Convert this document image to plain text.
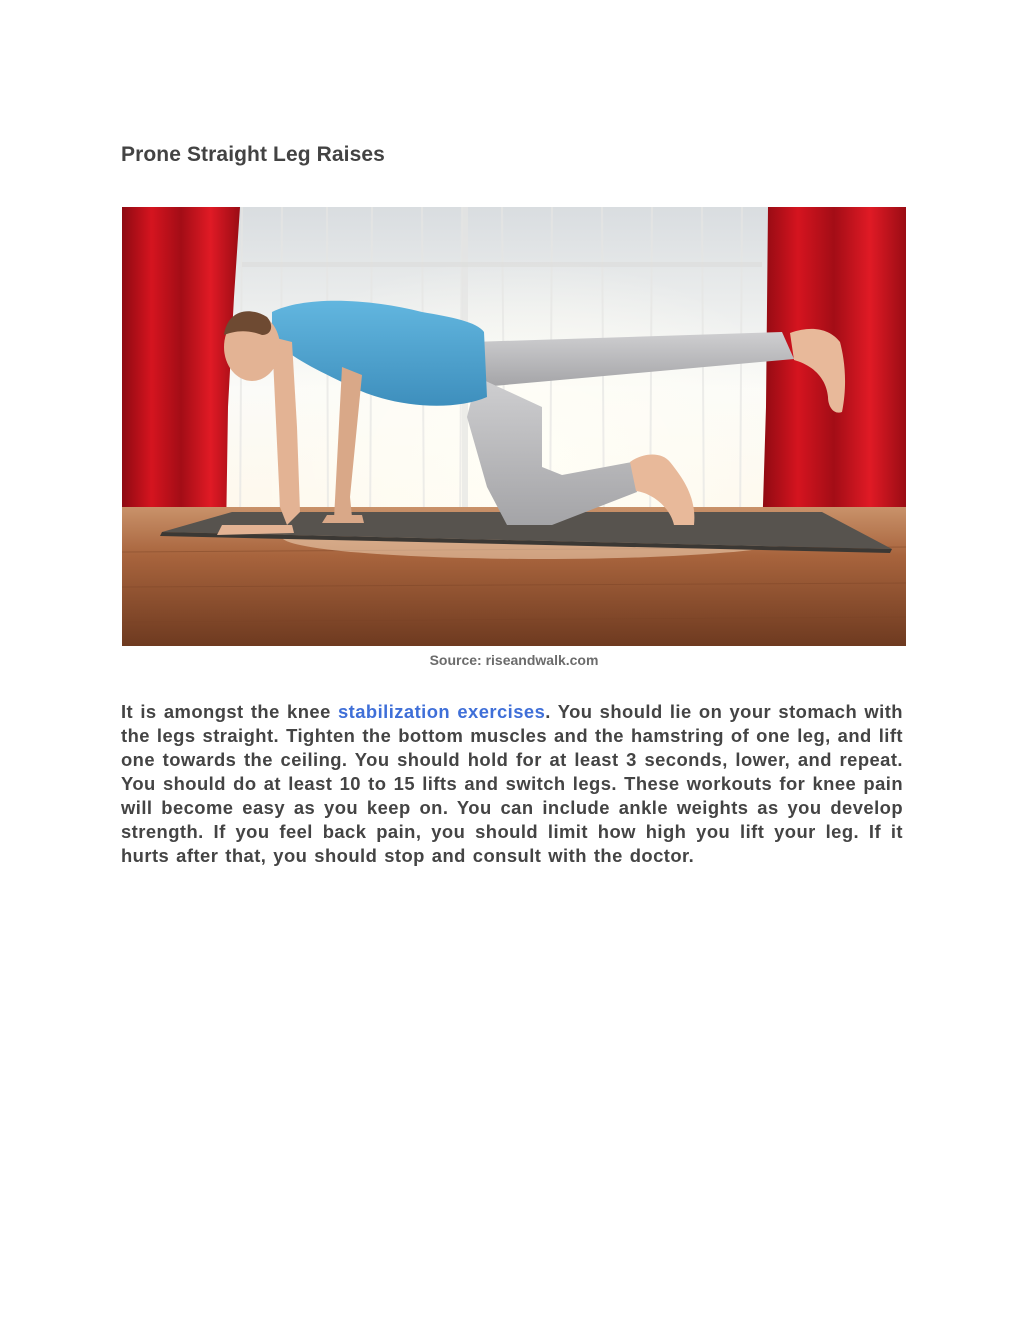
Prone Straight Leg Raises
Source: riseandwalk.com

It is amongst the knee stabilization exercises. You should lie on your stomach with the legs straight. Tighten the bottom muscles and the hamstring of one leg, and lift one towards the ceiling. You should hold for at least 3 seconds, lower, and repeat. You should do at least 10 to 15 lifts and switch legs. These workouts for knee pain will become easy as you keep on. You can include ankle weights as you develop strength. If you feel back pain, you should limit how high you lift your leg. If it hurts after that, you should stop and consult with the doctor.
